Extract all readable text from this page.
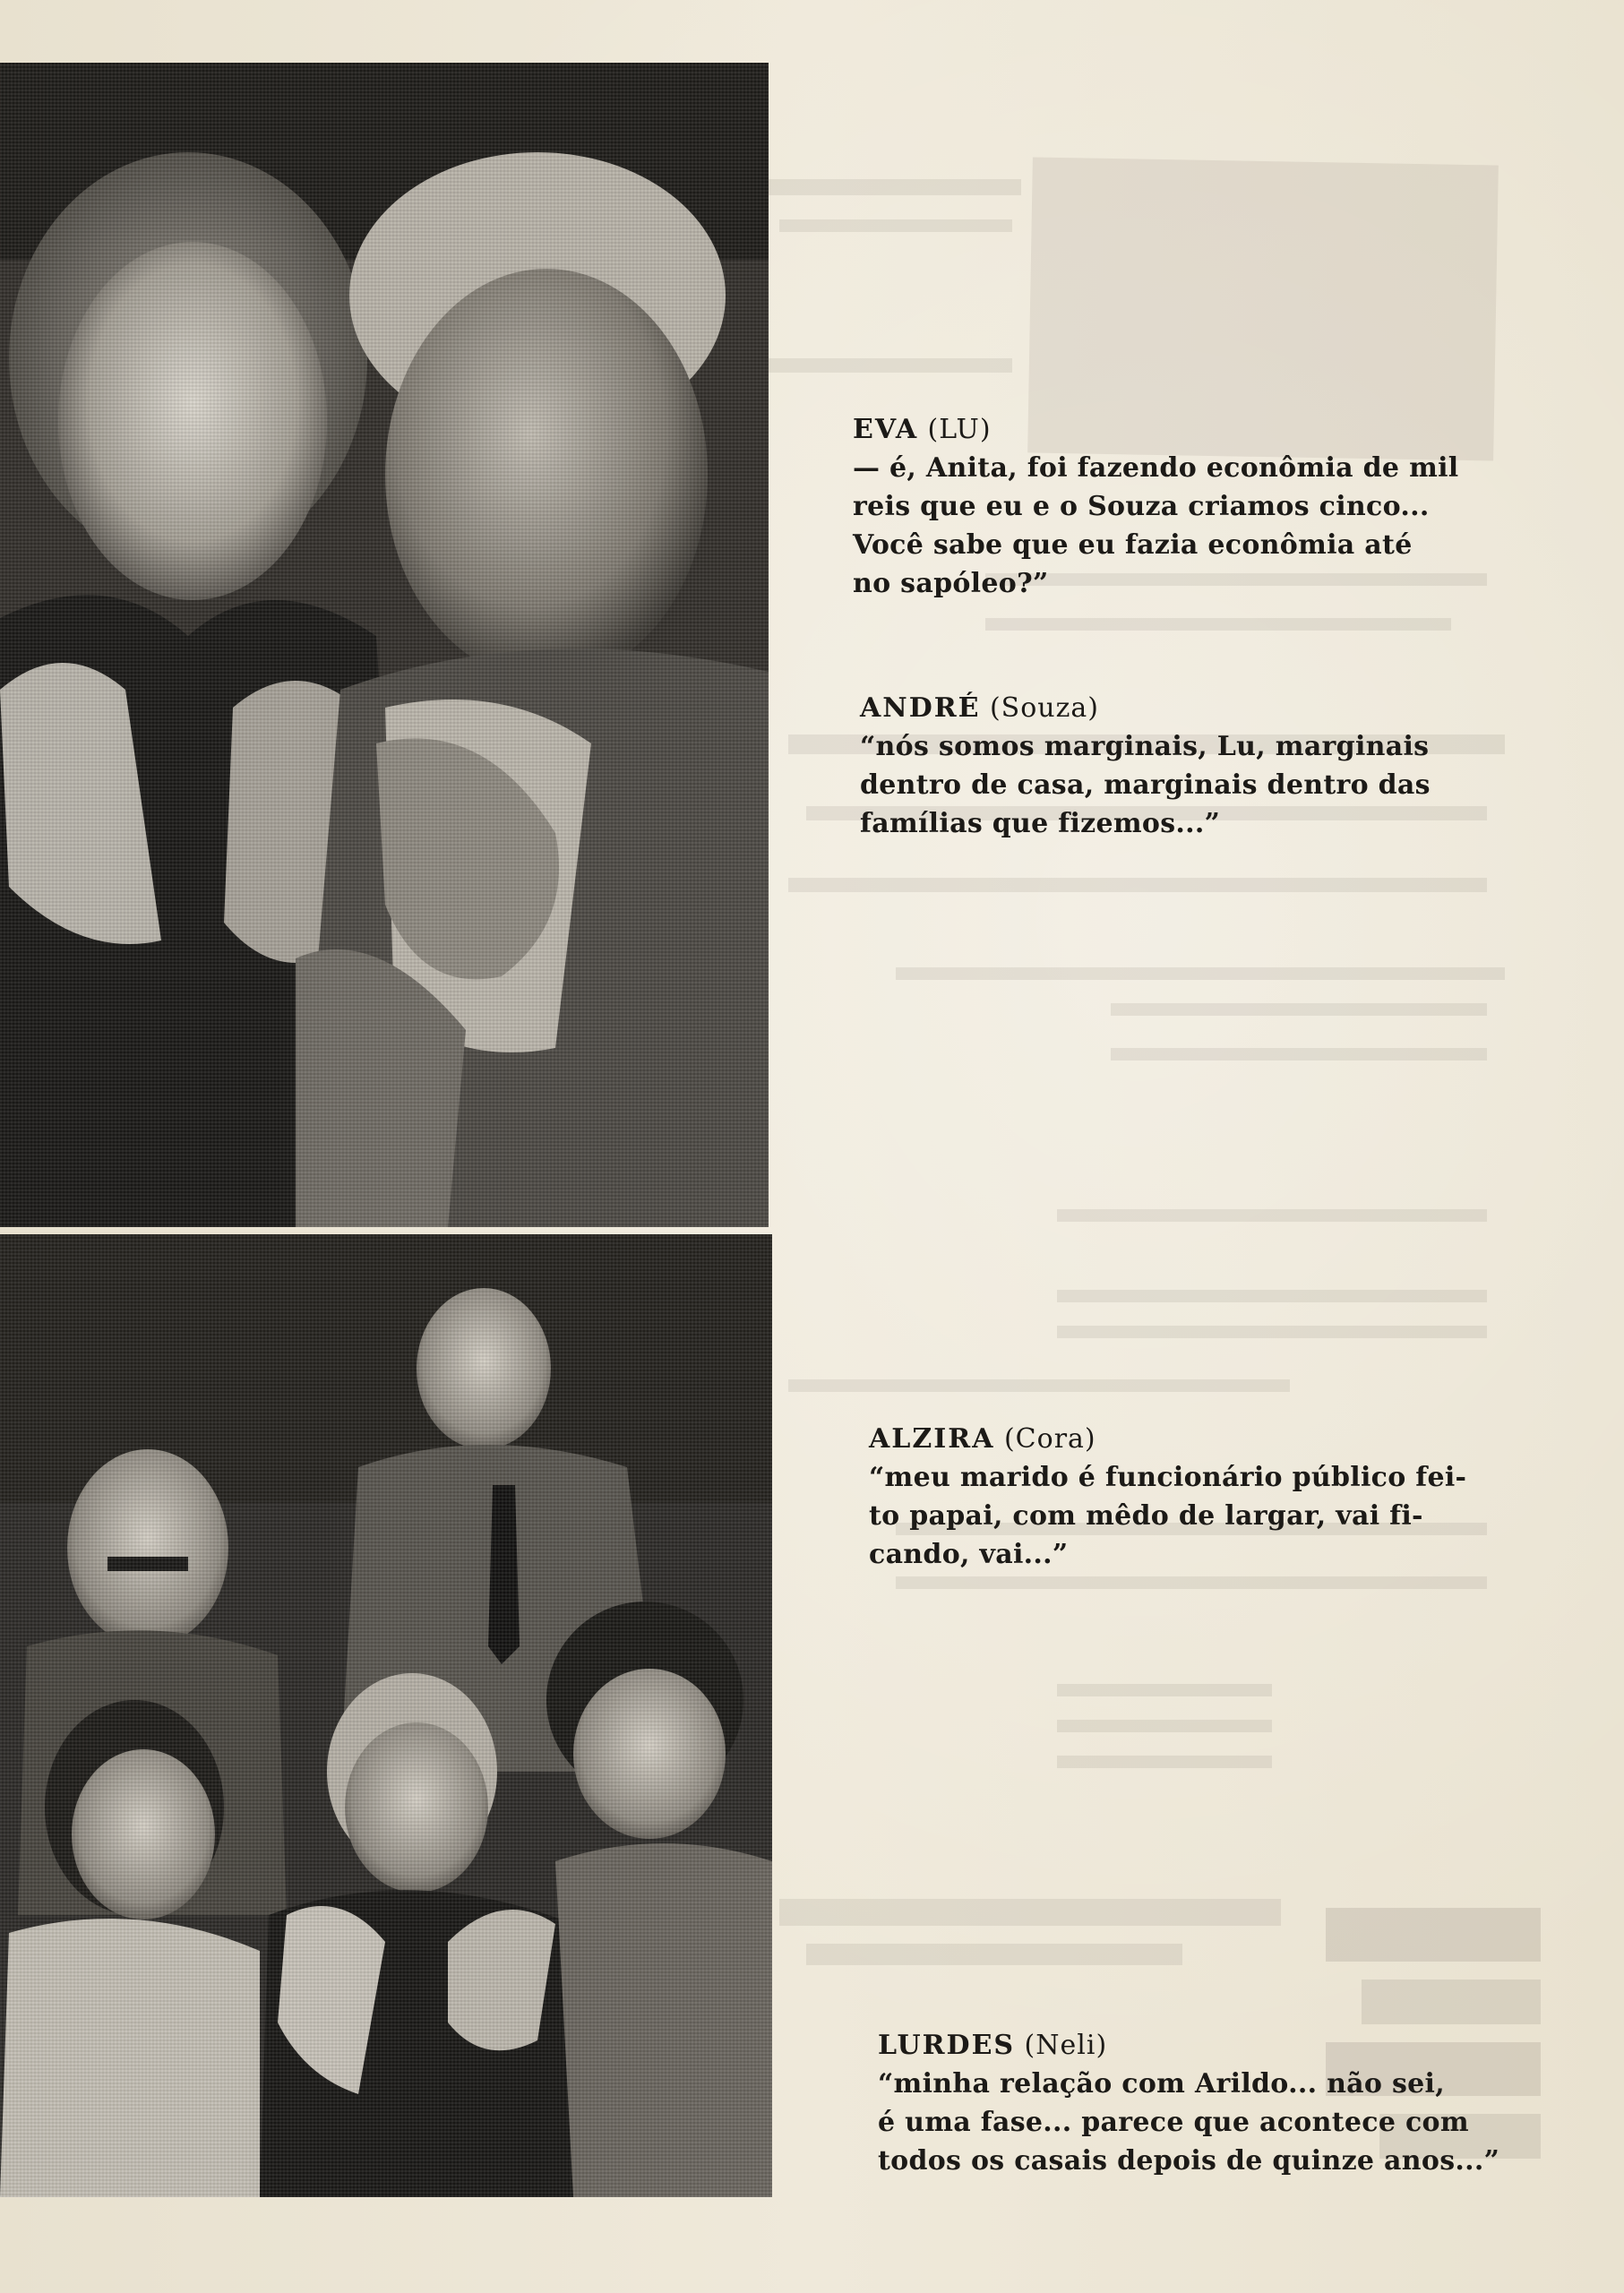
EVA (LU)

— é, Anita, foi fazendo econômia de mil
reis que eu e o Souza criamos cinco...
Você sabe que eu fazia econômia até
no sapóleo?”

ANDRÉ (Souza)

“nós somos marginais, Lu, marginais
dentro de casa, marginais dentro das
famílias que fizemos...”

ALZIRA (Cora)

“meu marido é funcionário público fei-
to papai, com mêdo de largar, vai fi-
cando, vai...”

LURDES (Neli)

“minha relação com Arildo... não sei,
é uma fase... parece que acontece com
todos os casais depois de quinze anos...”
